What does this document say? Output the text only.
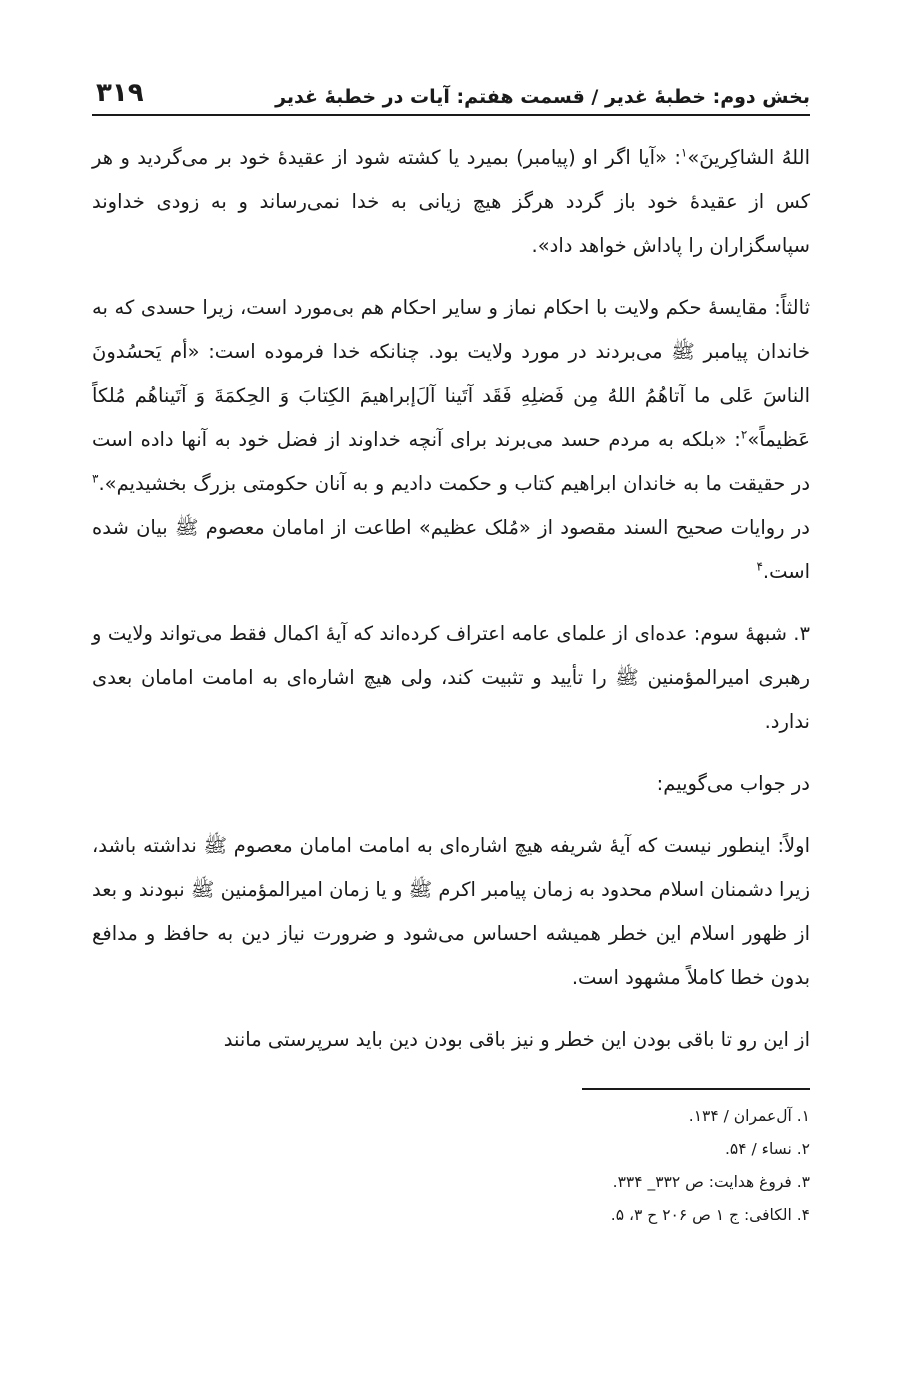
بخش دوم: خطبهٔ غدیر / قسمت هفتم: آیات در خطبهٔ غدیر
۳۱۹

اللهُ الشاکِرینَ»$^۱$: «آیا اگر او (پیامبر) بمیرد یا کشته شود از عقیدهٔ خود بر می‌گردید و هر کس از عقیدهٔ خود باز گردد هرگز هیچ زیانی به خدا نمی‌رساند و به زودی خداوند سپاسگزاران را پاداش خواهد داد».

ثالثاً: مقایسهٔ حکم ولایت با احکام نماز و سایر احکام هم بی‌مورد است، زیرا حسدی که به خاندان پیامبر ﷺ می‌بردند در مورد ولایت بود. چنانکه خدا فرموده است: «أم یَحسُدونَ الناسَ عَلی ما آتاهُمُ اللهُ مِن فَضلِهِ فَقَد آتَینا آلَ‌إبراهیمَ الکِتابَ وَ الحِکمَةَ وَ آتَیناهُم مُلکاً عَظیماً»$^۲$: «بلکه به مردم حسد می‌برند برای آنچه خداوند از فضل خود به آنها داده است در حقیقت ما به خاندان ابراهیم کتاب و حکمت دادیم و به آنان حکومتی بزرگ بخشیدیم».$^۳$ در روایات صحیح السند مقصود از «مُلک عظیم» اطاعت از امامان معصوم ﷺ بیان شده است.$^۴$

۳. شبههٔ سوم: عده‌ای از علمای عامه اعتراف کرده‌اند که آیهٔ اکمال فقط می‌تواند ولایت و رهبری امیرالمؤمنین ﷺ را تأیید و تثبیت کند، ولی هیچ اشاره‌ای به امامت امامان بعدی ندارد.

در جواب می‌گوییم:

اولاً: اینطور نیست که آیهٔ شریفه هیچ اشاره‌ای به امامت امامان معصوم ﷺ نداشته باشد، زیرا دشمنان اسلام محدود به زمان پیامبر اکرم ﷺ و یا زمان امیرالمؤمنین ﷺ نبودند و بعد از ظهور اسلام این خطر همیشه احساس می‌شود و ضرورت نیاز دین به حافظ و مدافع بدون خطا کاملاً مشهود است.

از این رو تا باقی بودن این خطر و نیز باقی بودن دین باید سرپرستی مانند

۱. آل‌عمران / ۱۳۴.
۲. نساء / ۵۴.
۳. فروغ هدایت: ص ۳۳۲_ ۳۳۴.
۴. الکافی: ج ۱ ص ۲۰۶ ح ۳، ۵.
